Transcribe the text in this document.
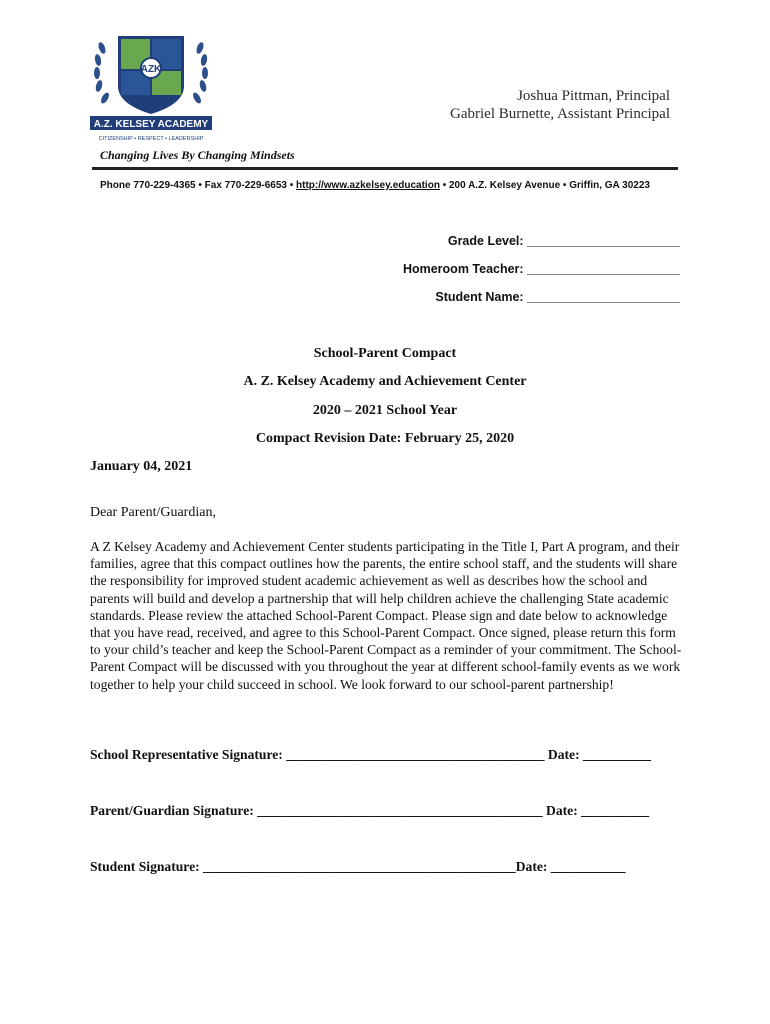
AZK
A.Z. KELSEY ACADEMY
CITIZENSHIP • RESPECT • LEADERSHIP
Joshua Pittman, Principal
Gabriel Burnette, Assistant Principal
Changing Lives By Changing Mindsets
Phone 770-229-4365 • Fax 770-229-6653 • http://www.azkelsey.education • 200 A.Z. Kelsey Avenue • Griffin, GA 30223
Grade Level: ______________________
Homeroom Teacher: ______________________
Student Name: ______________________
School-Parent Compact
A. Z. Kelsey Academy and Achievement Center
2020 – 2021 School Year
Compact Revision Date: February 25, 2020
January 04, 2021
Dear Parent/Guardian,
A Z Kelsey Academy and Achievement Center students participating in the Title I, Part A program, and their families, agree that this compact outlines how the parents, the entire school staff, and the students will share the responsibility for improved student academic achievement as well as describes how the school and parents will build and develop a partnership that will help children achieve the challenging State academic standards. Please review the attached School-Parent Compact. Please sign and date below to acknowledge that you have read, received, and agree to this School-Parent Compact. Once signed, please return this form to your child’s teacher and keep the School-Parent Compact as a reminder of your commitment. The School-Parent Compact will be discussed with you throughout the year at different school-family events as we work together to help your child succeed in school. We look forward to our school-parent partnership!
School Representative Signature: ______________________________________ Date: __________
Parent/Guardian Signature: __________________________________________ Date: __________
Student Signature: ______________________________________________Date: ___________
